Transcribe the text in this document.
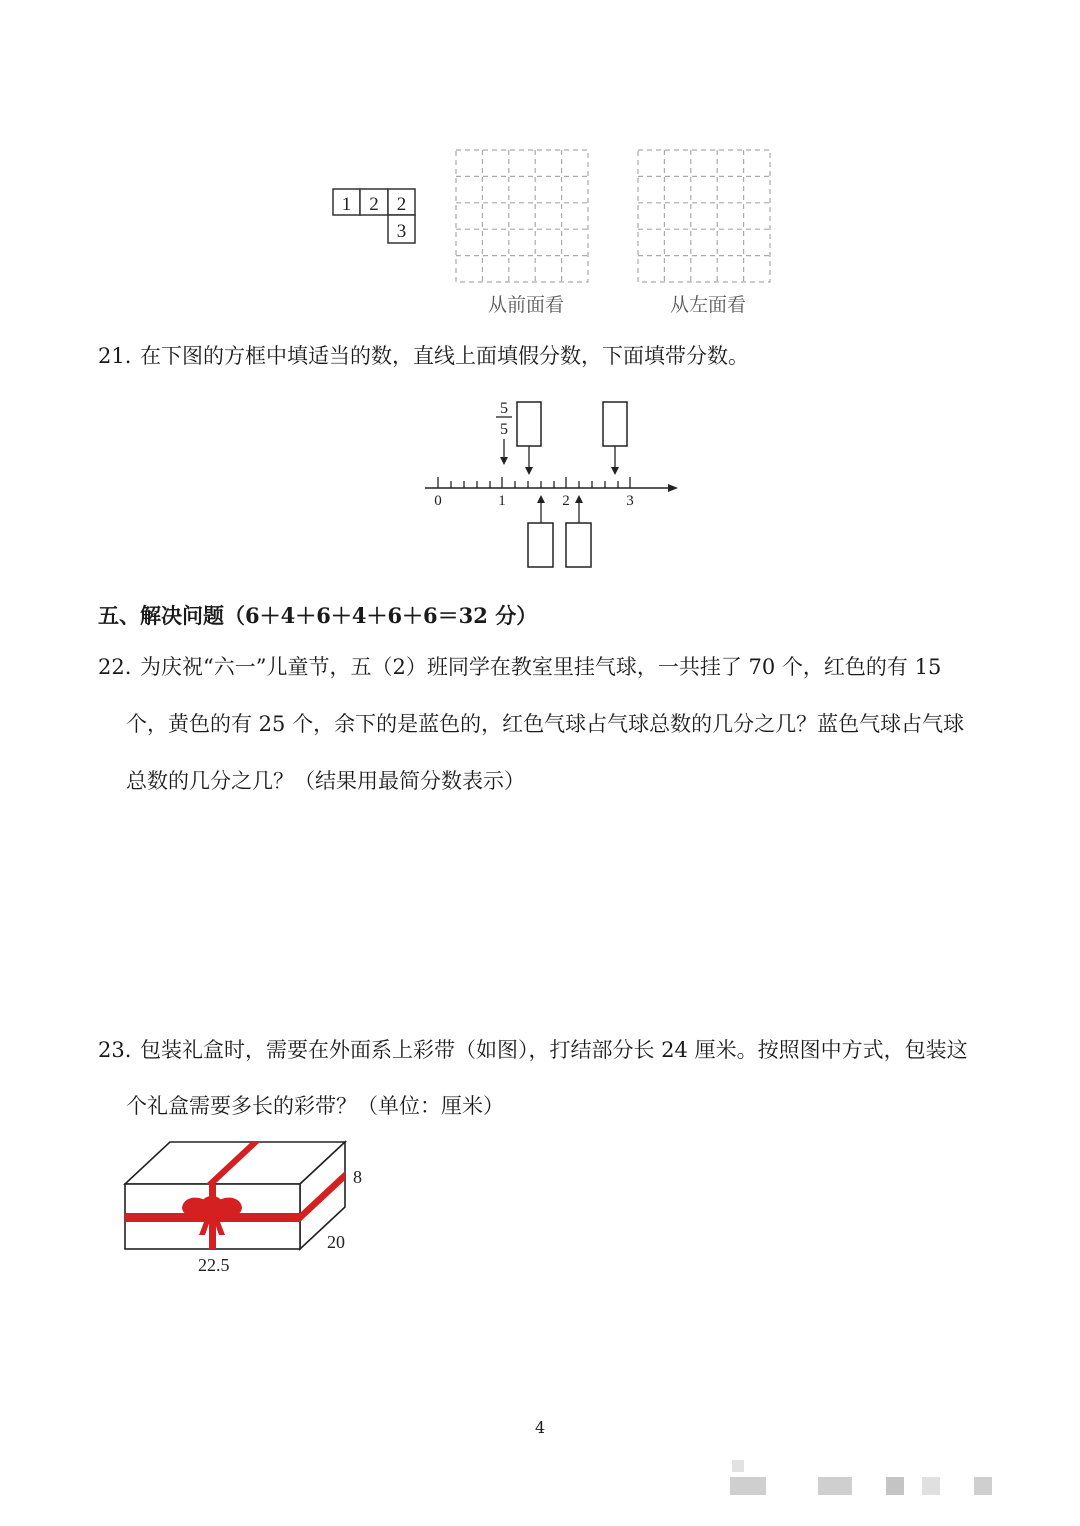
1 2 2
3
从前面看	从左面看
21. 在下图的方框中填适当的数，直线上面填假分数，下面填带分数。
5
5
0	1	2	3
五、解决问题（6＋4＋6＋4＋6＋6＝32 分）
22. 为庆祝“六一”儿童节，五（2）班同学在教室里挂气球，一共挂了 70 个，红色的有 15
个，黄色的有 25 个，余下的是蓝色的，红色气球占气球总数的几分之几？蓝色气球占气球
总数的几分之几？（结果用最简分数表示）
23. 包装礼盒时，需要在外面系上彩带（如图），打结部分长 24 厘米。按照图中方式，包装这
个礼盒需要多长的彩带？（单位：厘米）
8
20
22.5
4
